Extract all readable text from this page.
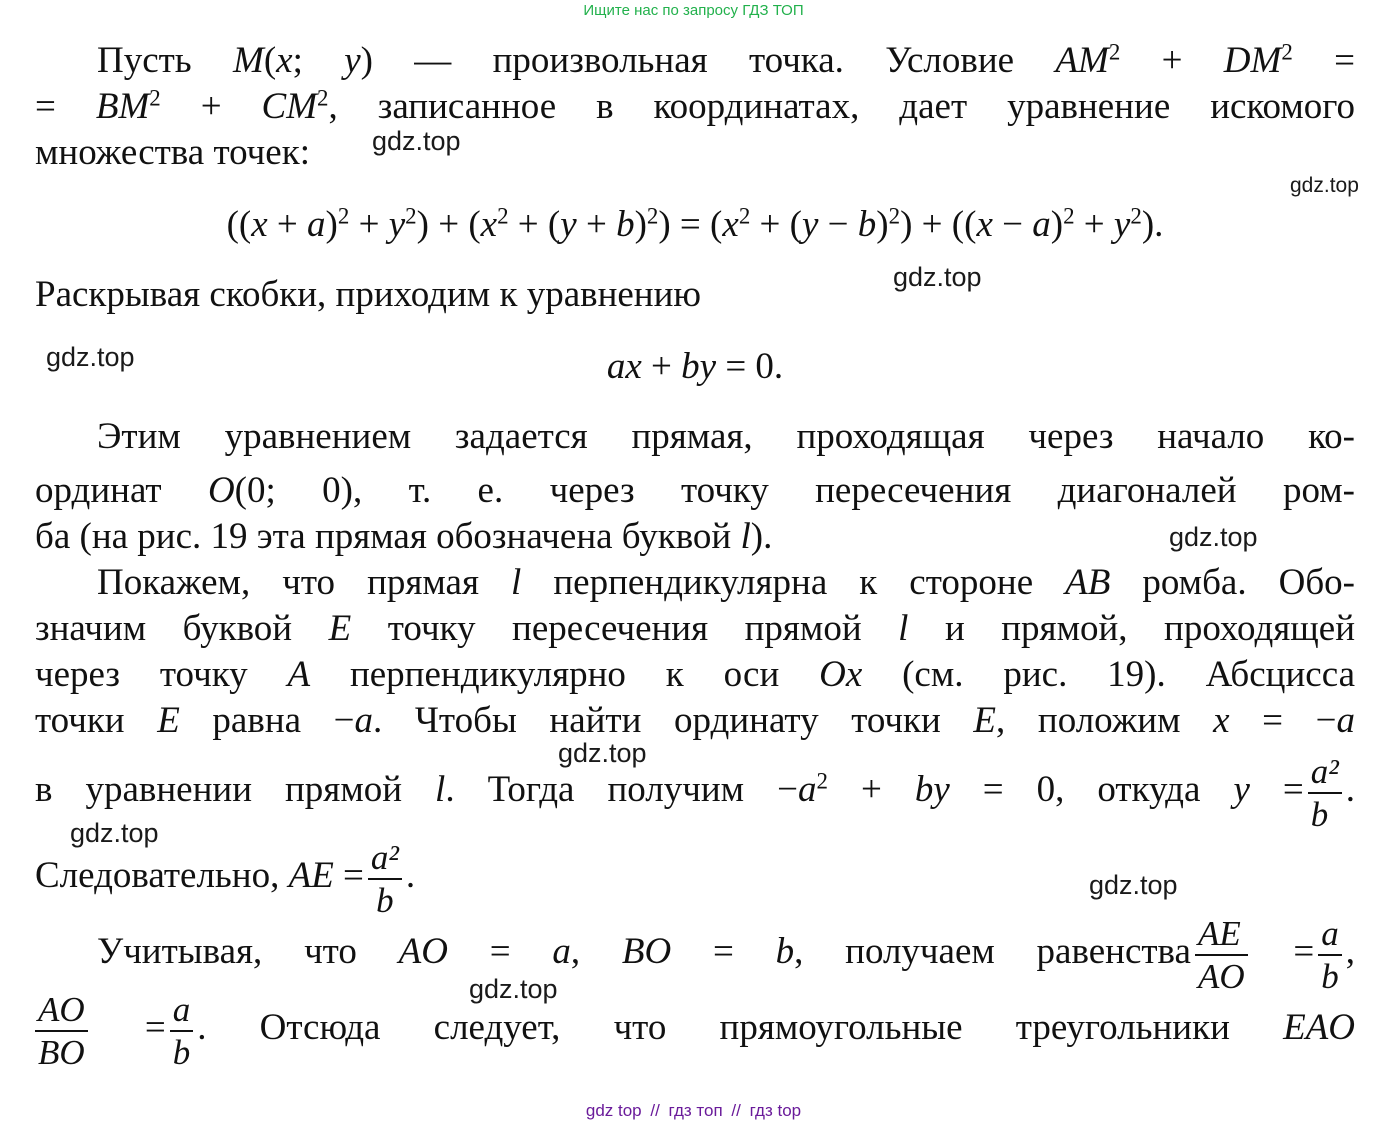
Ищите нас по запросу ГДЗ ТОП
Пусть M(x; y) — произвольная точка. Условие $AM^2 + DM^2$ =
= $BM^2 + CM^2$, записанное в координатах, дает уравнение искомого
множества точек:	gdz.top
gdz.top
$((x + a)^2 + y^2) + (x^2 + (y + b)^2) = (x^2 + (y - b)^2) + ((x - a)^2 + y^2)$.
Раскрывая скобки, приходим к уравнению	gdz.top
gdz.top	ax + by = 0.
Этим уравнением задается прямая, проходящая через начало ко-
ординат O(0; 0), т. е. через точку пересечения диагоналей ром-
ба (на рис. 19 эта прямая обозначена буквой l).	gdz.top
Покажем, что прямая l перпендикулярна к стороне AB ромба. Обо-
значим буквой E точку пересечения прямой l и прямой, проходящей
через точку A перпендикулярно к оси Ox (см. рис. 19). Абсцисса
точки E равна −a. Чтобы найти ординату точки E, положим x = −a
gdz.top
в уравнении прямой l. Тогда получим $-a^2$ + by = 0, откуда $y = \frac{\text{a²}}{b}$ .
gdz.top
Следовательно, AE = $\frac{\text{a²}}{b}$ .	gdz.top
Учитывая, что AO = a, BO = b, получаем равенства $\frac{AE}{AO} = \frac{a}{b}$ ,
gdz.top
$\frac{AO}{BO} = \frac{a}{b}$ . Отсюда следует, что прямоугольные треугольники EAO
gdz top // гдз топ // гдз top
